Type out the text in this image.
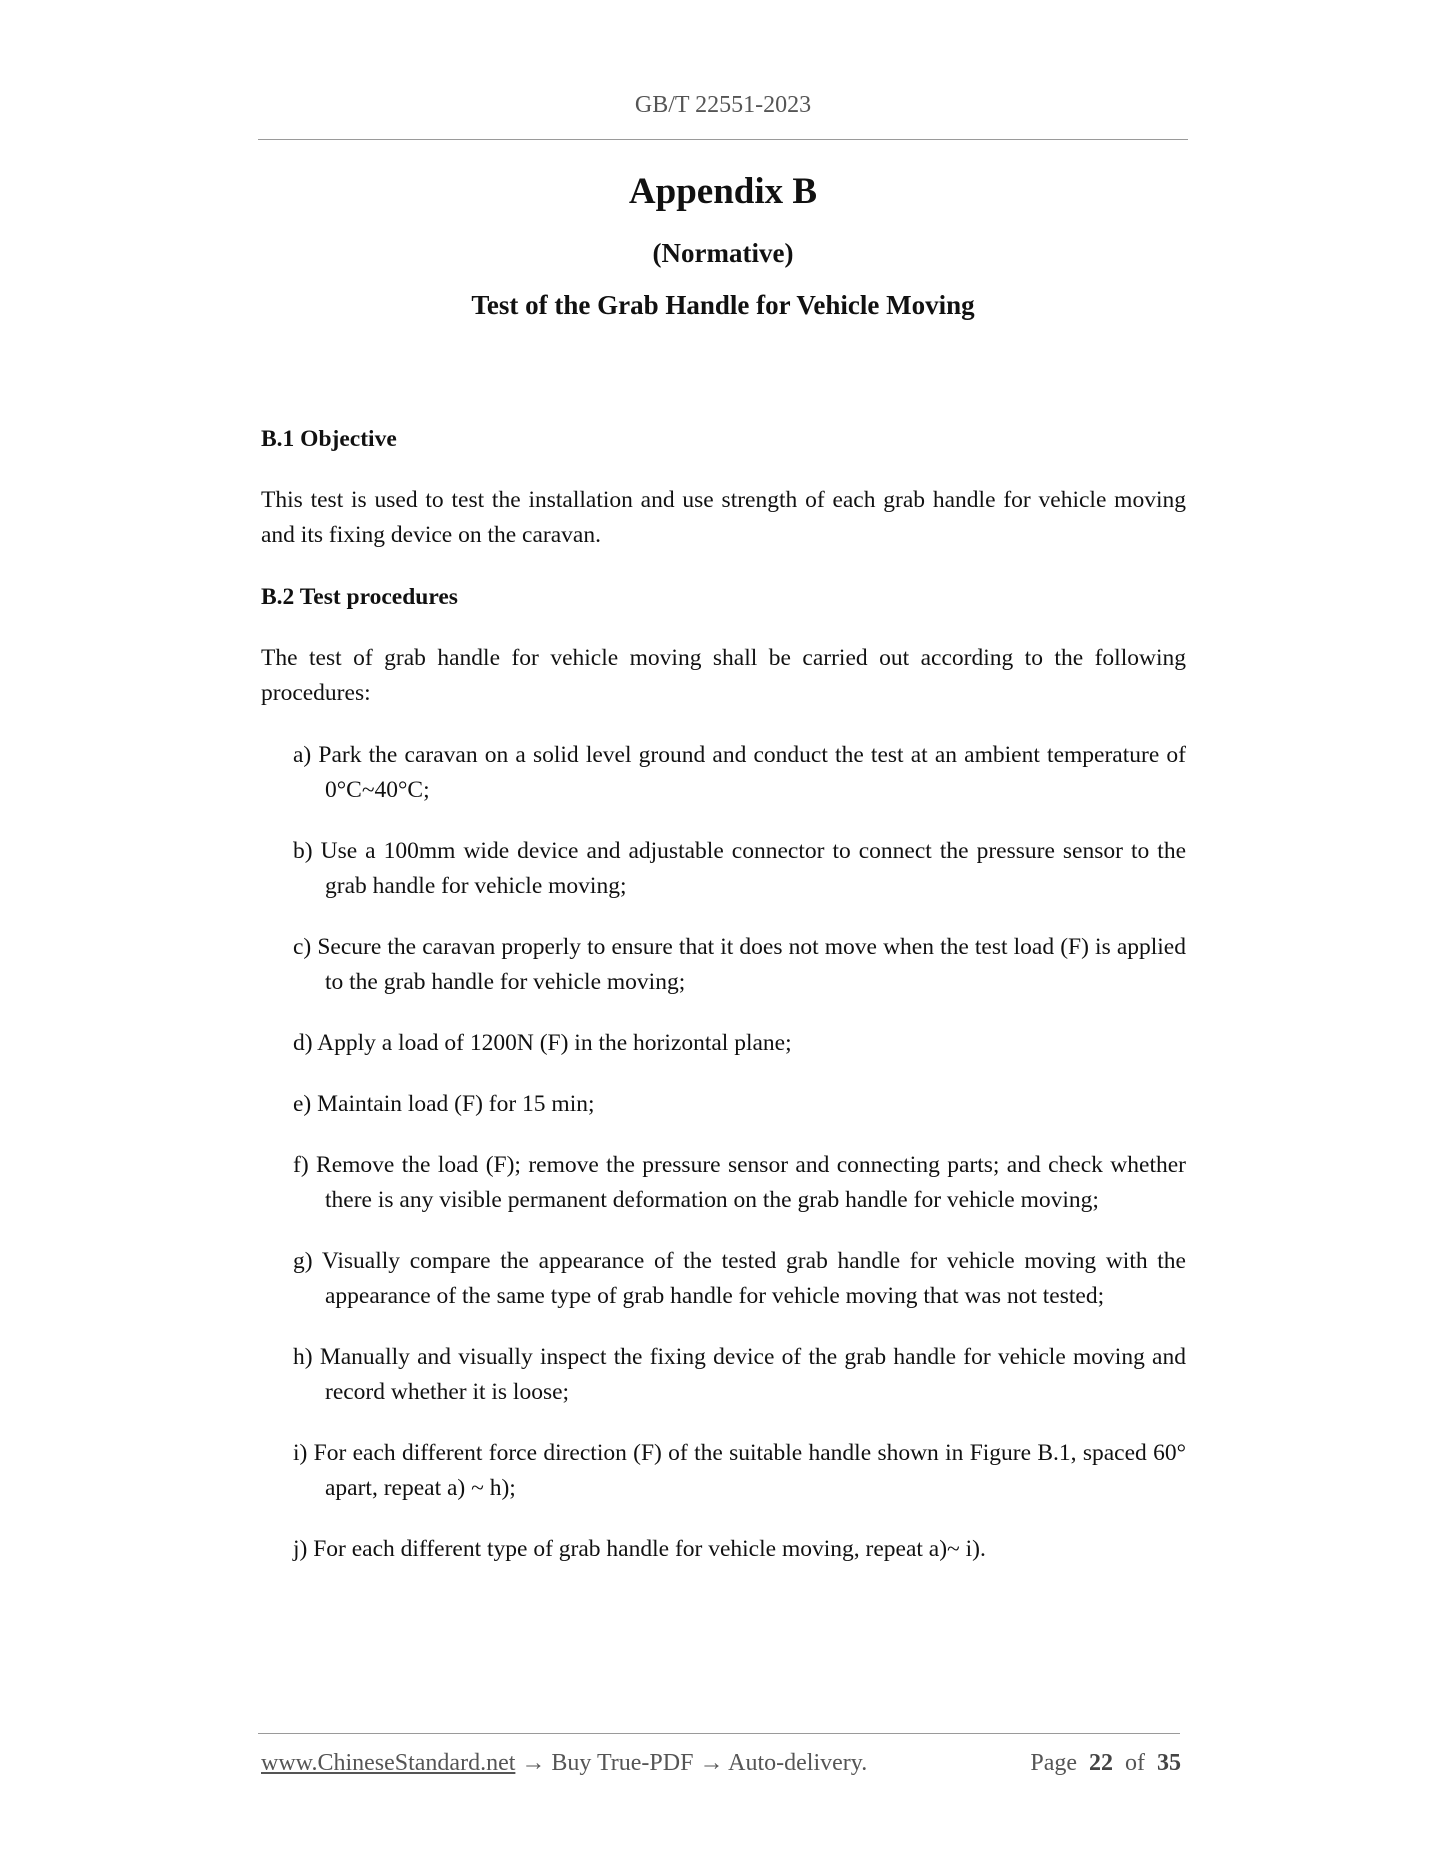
GB/T 22551-2023
Appendix B
(Normative)
Test of the Grab Handle for Vehicle Moving

B.1 Objective

This test is used to test the installation and use strength of each grab handle for vehicle moving and its fixing device on the caravan.

B.2 Test procedures

The test of grab handle for vehicle moving shall be carried out according to the following procedures:

a) Park the caravan on a solid level ground and conduct the test at an ambient temperature of 0°C~40°C;

b) Use a 100mm wide device and adjustable connector to connect the pressure sensor to the grab handle for vehicle moving;

c) Secure the caravan properly to ensure that it does not move when the test load (F) is applied to the grab handle for vehicle moving;

d) Apply a load of 1200N (F) in the horizontal plane;

e) Maintain load (F) for 15 min;

f) Remove the load (F); remove the pressure sensor and connecting parts; and check whether there is any visible permanent deformation on the grab handle for vehicle moving;

g) Visually compare the appearance of the tested grab handle for vehicle moving with the appearance of the same type of grab handle for vehicle moving that was not tested;

h) Manually and visually inspect the fixing device of the grab handle for vehicle moving and record whether it is loose;

i) For each different force direction (F) of the suitable handle shown in Figure B.1, spaced 60° apart, repeat a) ~ h);

j) For each different type of grab handle for vehicle moving, repeat a)~ i).

www.ChineseStandard.net → Buy True-PDF → Auto-delivery.	Page 22 of 35
